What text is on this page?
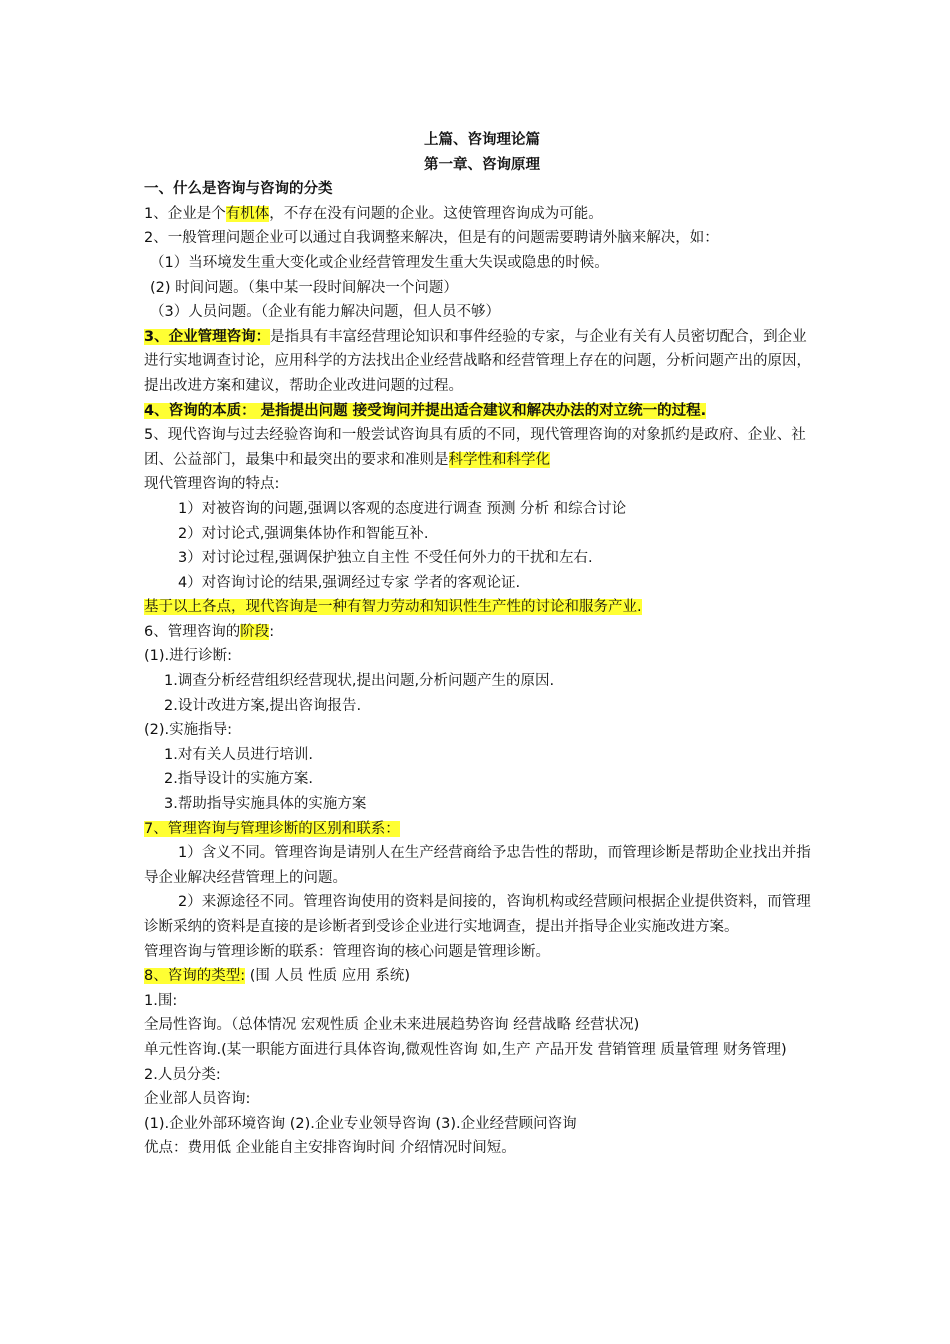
上篇、咨询理论篇
第一章、咨询原理
一、什么是咨询与咨询的分类
1、企业是个有机体，不存在没有问题的企业。这使管理咨询成为可能。
2、一般管理问题企业可以通过自我调整来解决，但是有的问题需要聘请外脑来解决，如：
（1）当环境发生重大变化或企业经营管理发生重大失误或隐患的时候。
(2) 时间问题。（集中某一段时间解决一个问题）
（3）人员问题。（企业有能力解决问题，但人员不够）
3、企业管理咨询：是指具有丰富经营理论知识和事件经验的专家，与企业有关有人员密切配合，到企业进行实地调查讨论，应用科学的方法找出企业经营战略和经营管理上存在的问题，分析问题产出的原因，提出改进方案和建议，帮助企业改进问题的过程。
4、咨询的本质： 是指提出问题 接受询问并提出适合建议和解决办法的对立统一的过程.
5、现代咨询与过去经验咨询和一般尝试咨询具有质的不同，现代管理咨询的对象抓约是政府、企业、社团、公益部门，最集中和最突出的要求和准则是科学性和科学化
现代管理咨询的特点:
1）对被咨询的问题,强调以客观的态度进行调查 预测 分析 和综合讨论
2）对讨论式,强调集体协作和智能互补.
3）对讨论过程,强调保护独立自主性 不受任何外力的干扰和左右.
4）对咨询讨论的结果,强调经过专家 学者的客观论证.
基于以上各点，现代咨询是一种有智力劳动和知识性生产性的讨论和服务产业.
6、管理咨询的阶段:
(1).进行诊断:
1.调查分析经营组织经营现状,提出问题,分析问题产生的原因.
2.设计改进方案,提出咨询报告.
(2).实施指导:
1.对有关人员进行培训.
2.指导设计的实施方案.
3.帮助指导实施具体的实施方案
7、管理咨询与管理诊断的区别和联系：
1）含义不同。管理咨询是请别人在生产经营商给予忠告性的帮助，而管理诊断是帮助企业找出并指导企业解决经营管理上的问题。
2）来源途径不同。管理咨询使用的资料是间接的，咨询机构或经营顾问根据企业提供资料，而管理诊断采纳的资料是直接的是诊断者到受诊企业进行实地调查，提出并指导企业实施改进方案。
管理咨询与管理诊断的联系：管理咨询的核心问题是管理诊断。
8、咨询的类型: (围 人员 性质 应用 系统)
1.围:
全局性咨询。（总体情况 宏观性质 企业未来进展趋势咨询 经营战略 经营状况)
单元性咨询.(某一职能方面进行具体咨询,微观性咨询 如,生产 产品开发 营销管理 质量管理 财务管理)
2.人员分类:
企业部人员咨询:
(1).企业外部环境咨询 (2).企业专业领导咨询 (3).企业经营顾问咨询
优点：费用低 企业能自主安排咨询时间 介绍情况时间短。
